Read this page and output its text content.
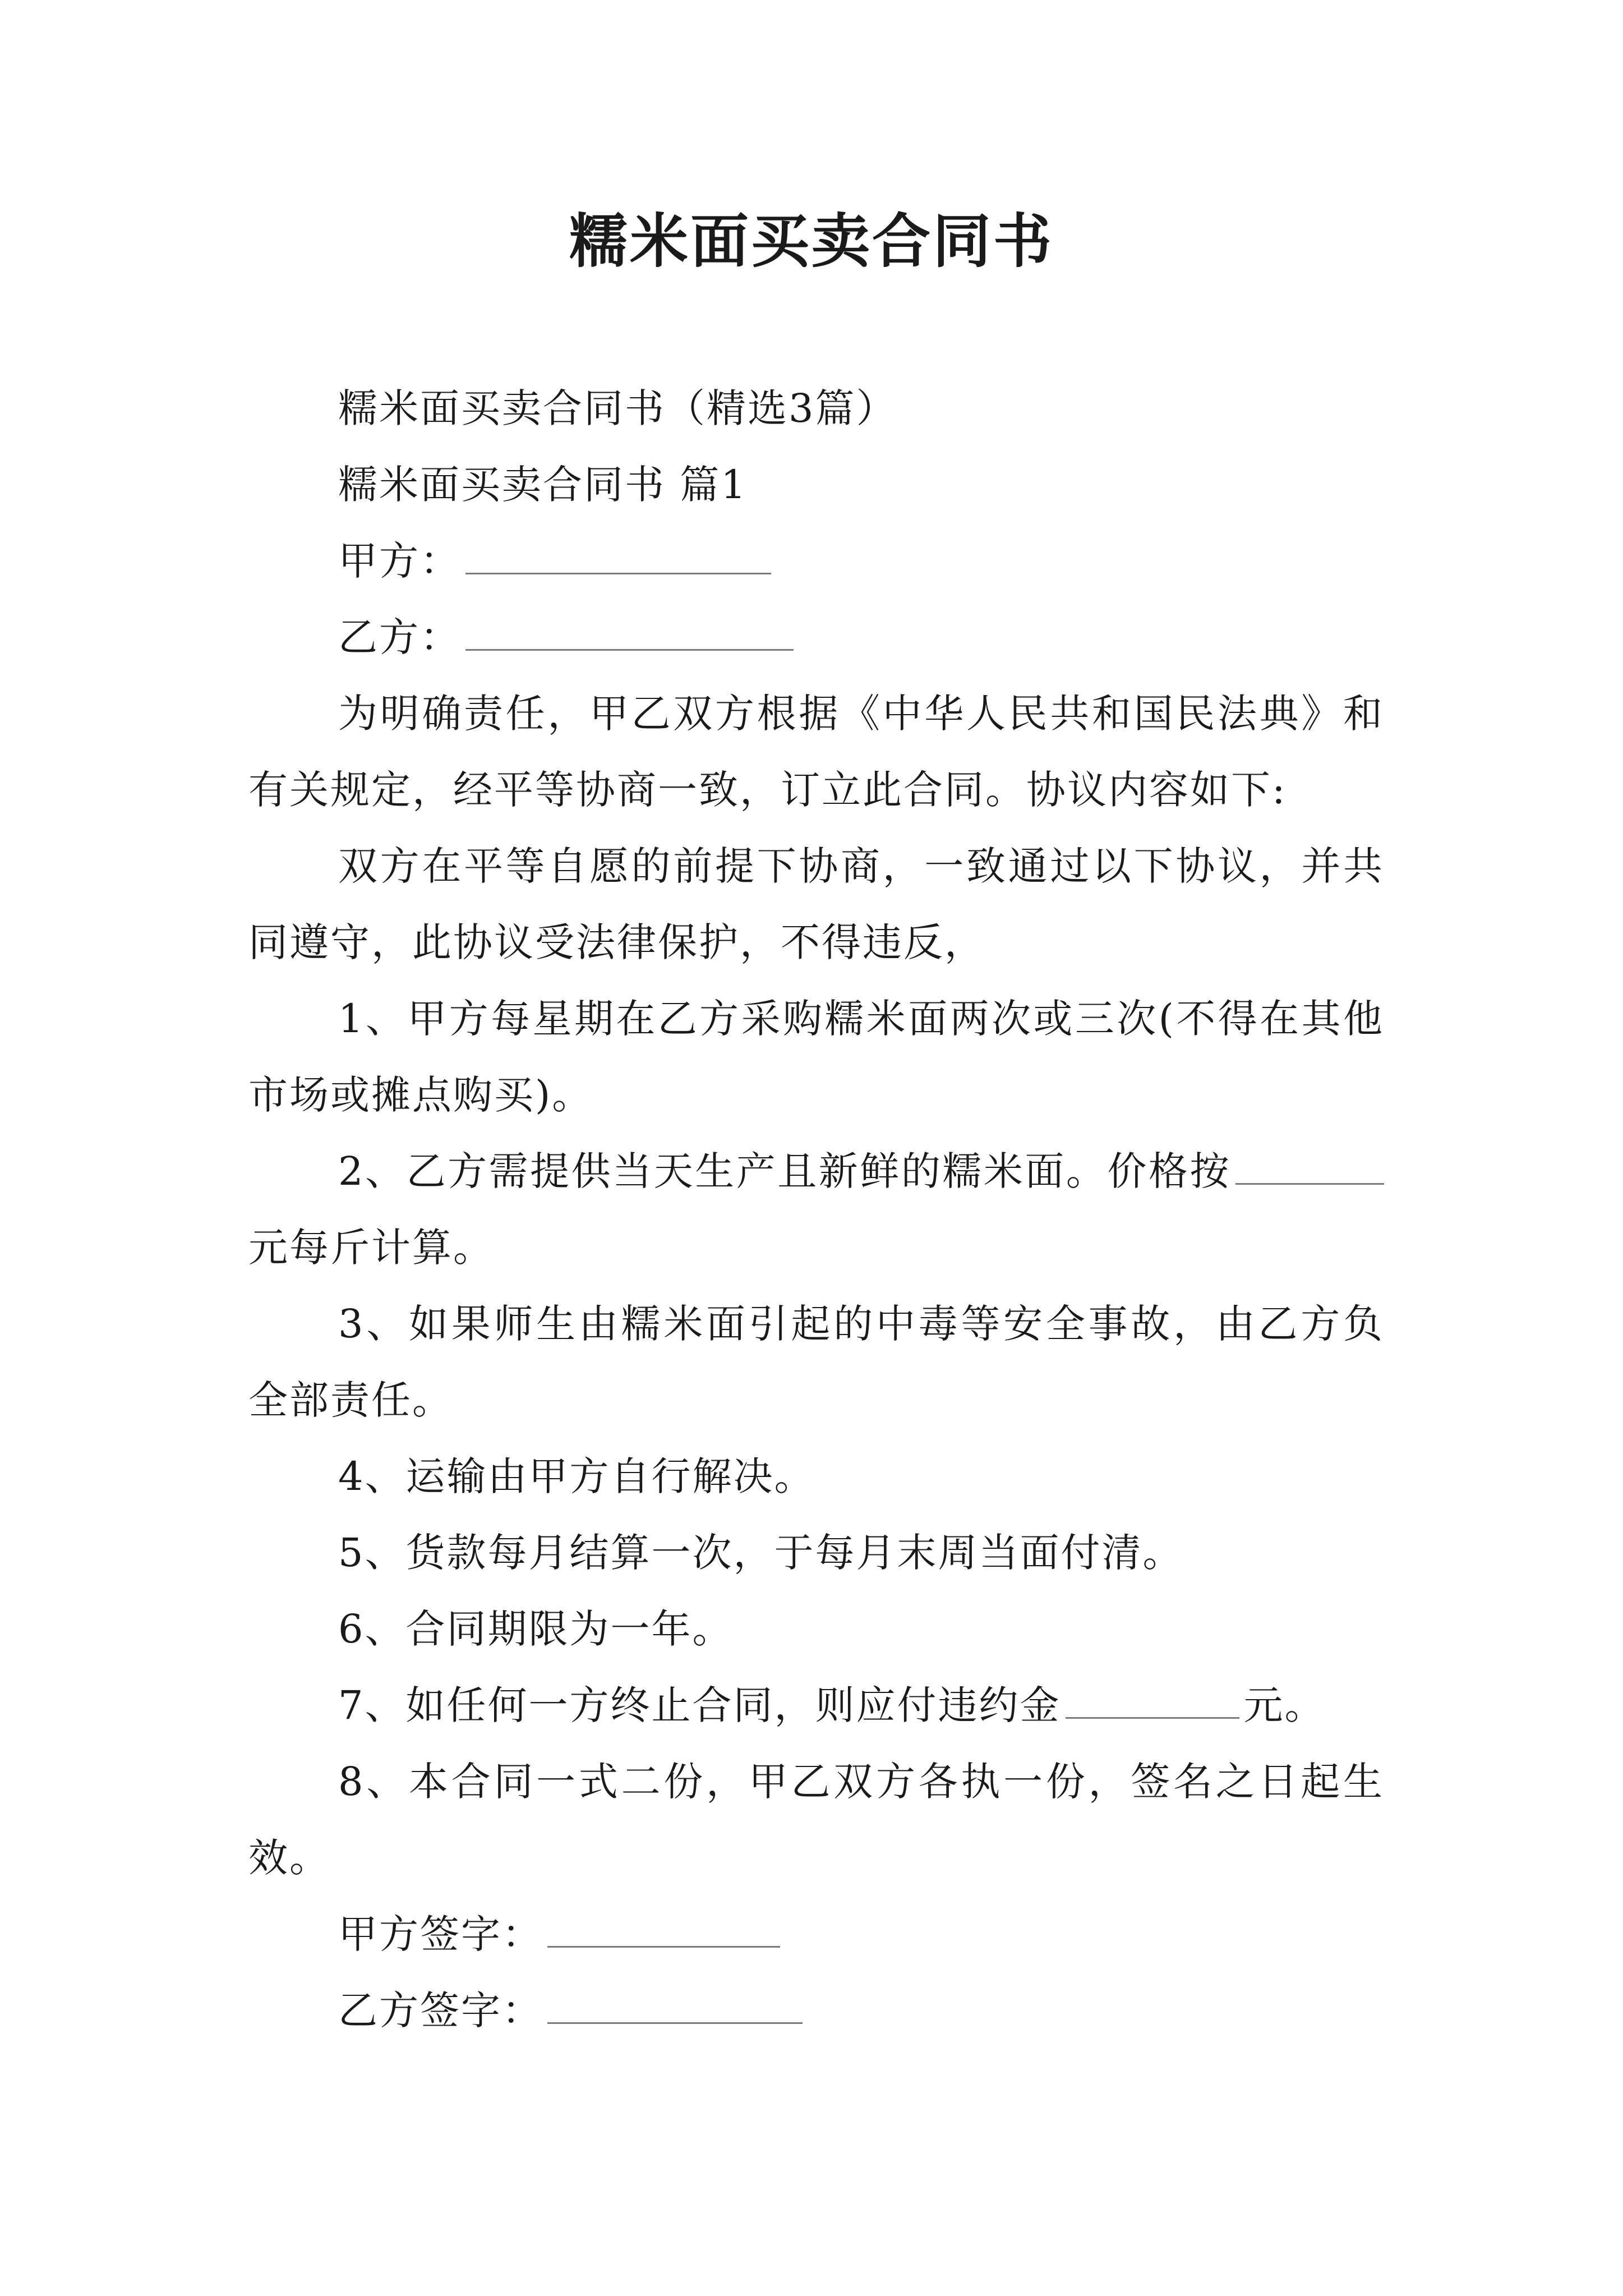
糯米面买卖合同书

糯米面买卖合同书（精选3篇）

糯米面买卖合同书 篇1

甲方：

乙方：

为明确责任，甲乙双方根据《中华人民共和国民法典》和有关规定，经平等协商一致，订立此合同。协议内容如下:

双方在平等自愿的前提下协商，一致通过以下协议，并共同遵守，此协议受法律保护，不得违反，

1、甲方每星期在乙方采购糯米面两次或三次(不得在其他市场或摊点购买)。

2、乙方需提供当天生产且新鲜的糯米面。价格按元每斤计算。

3、如果师生由糯米面引起的中毒等安全事故，由乙方负全部责任。

4、运输由甲方自行解决。

5、货款每月结算一次，于每月末周当面付清。

6、合同期限为一年。

7、如任何一方终止合同，则应付违约金	元。

8、本合同一式二份，甲乙双方各执一份，签名之日起生效。

甲方签字：

乙方签字：
